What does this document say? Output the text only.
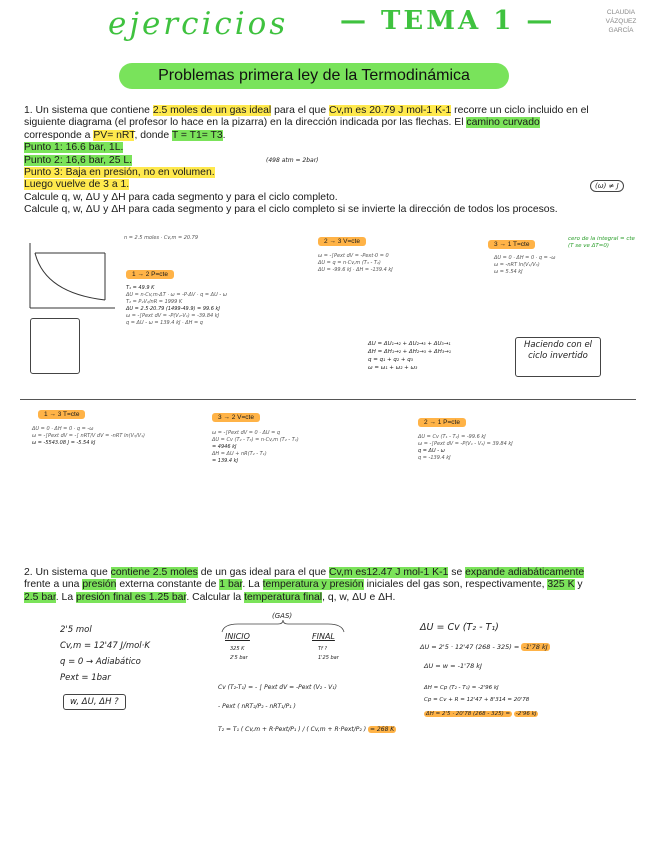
ejercicios — TEMA 1 —	CLAUDIA
VÁZQUEZ
GARCÍA
Problemas primera ley de la Termodinámica
1. Un sistema que contiene 2.5 moles de un gas ideal para el que Cv,m es 20.79 J mol-1 K-1 recorre un ciclo incluido en el
siguiente diagrama (el profesor lo hace en la pizarra) en la dirección indicada por las flechas. El camino curvado
corresponde a PV= nRT, donde T = T1= T3.
Punto 1: 16.6 bar, 1L.
Punto 2: 16,6 bar, 25 L.
Punto 3: Baja en presión, no en volumen.
Luego vuelve de 3 a 1.
Calcule q, w, ΔU y ΔH para cada segmento y para el ciclo completo.
Calcule q, w, ΔU y ΔH para cada segmento y para el ciclo completo si se invierte la dirección de todos los procesos.
(498 atm = 2bar)
(ω) ≠ J
n = 2.5 moles · Cv,m = 20.79
1 → 2 P=cte
2 → 3 V=cte	3 → 1 T=cte
cero de la integral = cte (T se ve ΔT=0)
T₁ = 49.9 K
ΔU = n·Cv,m·ΔT · ω = -P·ΔV · q = ΔU - ω
T₂ = P₂V₂/nR = 1999 K
ΔU = 2.5·20.79 (1499-49.9) = 99.6 kJ
ω = -∫Pext dV = -P(V₂-V₁) = -39.84 kJ
q = ΔU - ω = 139.4 kJ · ΔH = q
ω = -∫Pext dV = -Pext·0 = 0
ΔU = q = n·Cv,m (T₃ - T₂)
ΔU = -99.6 kJ · ΔH = -139.4 kJ
ΔU = 0 · ΔH = 0 · q = -ω
ω = -nRT ln(V₁/V₃)
ω = 5.54 kJ
ΔU = ΔU₁→₂ + ΔU₂→₃ + ΔU₃→₁
ΔH = ΔH₁→₂ + ΔH₂→₃ + ΔH₃→₁
q = q₁ + q₂ + q₃
ω = ω₁ + ω₂ + ω₃
Haciendo con el ciclo invertido
1 → 3 T=cte	3 → 2 V=cte
2 → 1 P=cte
ΔU = 0 · ΔH = 0 · q = -ω
ω = -∫Pext dV = -∫ nRT/V dV = -nRT ln(V₃/V₁)
ω = -5543.08 J = -5.54 kJ
ω = -∫Pext dV = 0 · ΔU = q
ΔU = Cv (T₂ - T₃) = n·Cv,m (T₂ - T₁)
= 4946 kJ
ΔH = ΔU + nR(T₂ - T₁)
= 139.4 kJ
ΔU = Cv (T₁ - T₂) = -99.6 kJ
ω = -∫Pext dV = -P(V₁ - V₂) = 39.84 kJ
q = ΔU - ω
q = -139.4 kJ
2. Un sistema que contiene 2.5 moles de un gas ideal para el que Cv,m es12.47 J mol-1 K-1 se expande adiabáticamente
frente a una presión externa constante de 1 bar. La temperatura y presión iniciales del gas son, respectivamente, 325 K y
2.5 bar. La presión final es 1.25 bar. Calcular la temperatura final, q, w, ΔU e ΔH.
2'5 mol
Cv,m = 12'47 J/mol·K
q = 0 → Adiabático
Pext = 1bar
w, ΔU, ΔH ?
(GAS)
INICIO	FINAL
325 K
2'5 bar
Tf ?
1'25 bar
Cv (T₂-T₁) = - ∫ Pext dV = -Pext (V₂ - V₁)
- Pext ( nRT₂/P₂ - nRT₁/P₁ )
T₂ = T₁ ( Cv,m + R·Pext/P₁ ) / ( Cv,m + R·Pext/P₂ ) = 268 K
ΔU = Cv (T₂ - T₁)
ΔU = 2'5 · 12'47 (268 - 325) = -1'78 kJ
ΔU = w = -1'78 kJ
ΔH = Cp (T₂ - T₁) = -2'96 kJ
Cp = Cv + R = 12'47 + 8'314 = 20'78
ΔH = 2'5 · 20'78 (268 - 325) = -2'96 kJ
